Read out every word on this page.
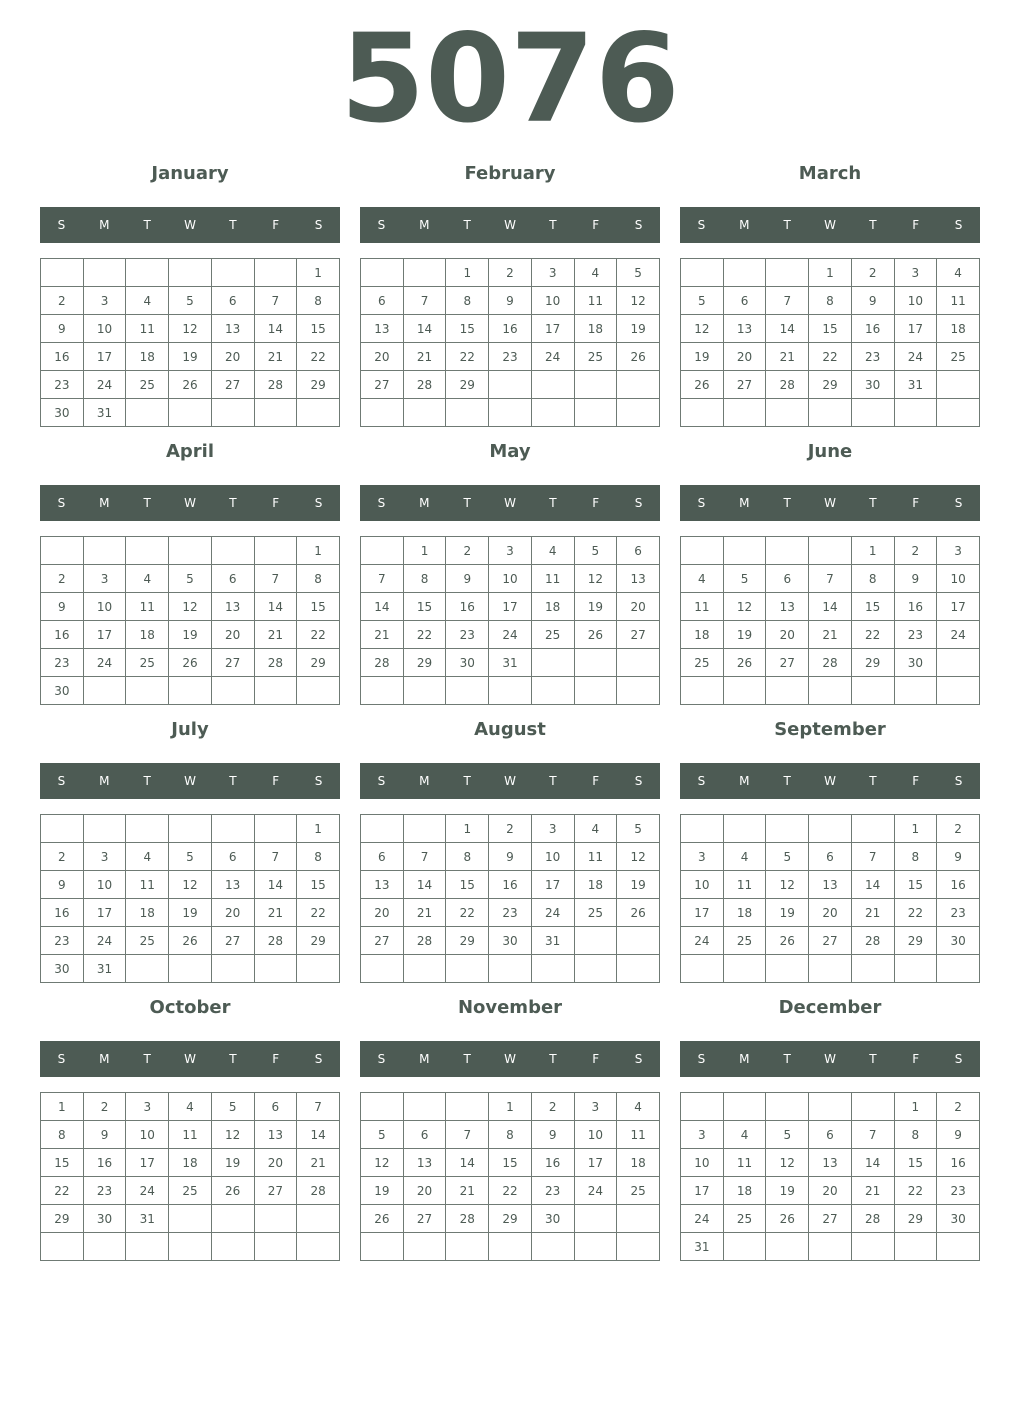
5076
January
S	M	T	W	T	F	S
						1
2	3	4	5	6	7	8
9	10	11	12	13	14	15
16	17	18	19	20	21	22
23	24	25	26	27	28	29
30	31					
February
S	M	T	W	T	F	S
		1	2	3	4	5
6	7	8	9	10	11	12
13	14	15	16	17	18	19
20	21	22	23	24	25	26
27	28	29				

March
S	M	T	W	T	F	S
			1	2	3	4
5	6	7	8	9	10	11
12	13	14	15	16	17	18
19	20	21	22	23	24	25
26	27	28	29	30	31	

April
S	M	T	W	T	F	S
						1
2	3	4	5	6	7	8
9	10	11	12	13	14	15
16	17	18	19	20	21	22
23	24	25	26	27	28	29
30						
May
S	M	T	W	T	F	S
	1	2	3	4	5	6
7	8	9	10	11	12	13
14	15	16	17	18	19	20
21	22	23	24	25	26	27
28	29	30	31			

June
S	M	T	W	T	F	S
				1	2	3
4	5	6	7	8	9	10
11	12	13	14	15	16	17
18	19	20	21	22	23	24
25	26	27	28	29	30	

July
S	M	T	W	T	F	S
						1
2	3	4	5	6	7	8
9	10	11	12	13	14	15
16	17	18	19	20	21	22
23	24	25	26	27	28	29
30	31					
August
S	M	T	W	T	F	S
		1	2	3	4	5
6	7	8	9	10	11	12
13	14	15	16	17	18	19
20	21	22	23	24	25	26
27	28	29	30	31		

September
S	M	T	W	T	F	S
					1	2
3	4	5	6	7	8	9
10	11	12	13	14	15	16
17	18	19	20	21	22	23
24	25	26	27	28	29	30

October
S	M	T	W	T	F	S
1	2	3	4	5	6	7
8	9	10	11	12	13	14
15	16	17	18	19	20	21
22	23	24	25	26	27	28
29	30	31				

November
S	M	T	W	T	F	S
			1	2	3	4
5	6	7	8	9	10	11
12	13	14	15	16	17	18
19	20	21	22	23	24	25
26	27	28	29	30		

December
S	M	T	W	T	F	S
					1	2
3	4	5	6	7	8	9
10	11	12	13	14	15	16
17	18	19	20	21	22	23
24	25	26	27	28	29	30
31						
